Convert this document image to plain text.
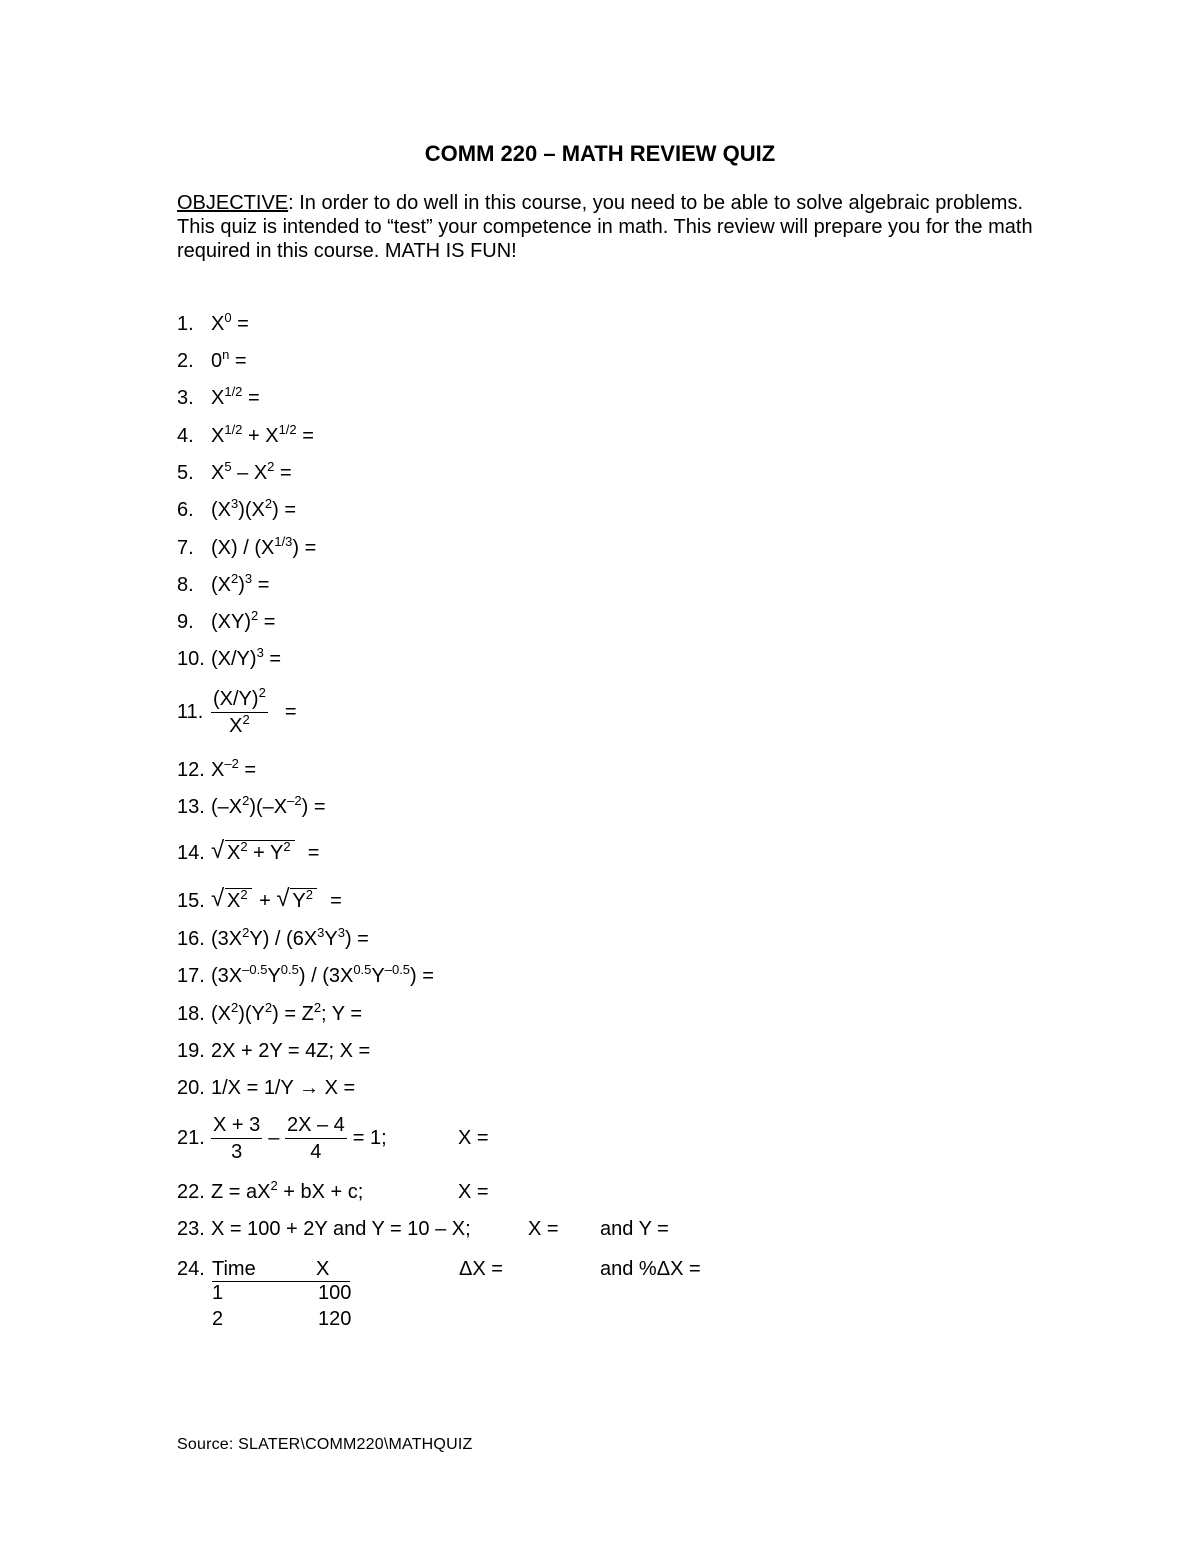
COMM 220 – MATH REVIEW QUIZ
OBJECTIVE: In order to do well in this course, you need to be able to solve algebraic problems. This quiz is intended to “test” your competence in math. This review will prepare you for the math required in this course. MATH IS FUN!
1. $X^0$ =
2. $0^n$ =
3. $X^{1/2}$ =
4. $X^{1/2} + X^{1/2}$ =
5. $X^5 - X^2$ =
6. $(X^3)(X^2)$ =
7. $(X) / (X^{1/3})$ =
8. $(X^2)^3$ =
9. (XY)$^2$ =
10. $(X/Y)^3$ =
11. $\frac{(X/Y)^2}{X^2}$ =
12. $X^{-2}$ =
13. $(-X^2)(-X^{-2})$ =
14. √ $X^2 + Y^2$  =
15. √ $X^2$ + √ $Y^2$  =
16. $(3X^2Y) / (6X^3Y^3)$ =
17. $(3X^{-0.5}Y^{0.5}) / (3X^{0.5}Y^{-0.5})$ =
18. $(X^2)(Y^2) = Z^2$; Y =
19. 2X + 2Y = 4Z; X =
20. 1/X = 1/Y → X =
21. $\frac{X + 3}{3} - \frac{2X - 4}{4} = 1$;	X =
22. $Z = aX^2$ + bX + c;	X =
23. X = 100 + 2Y and Y = 10 – X;	X = and Y =
24. Time	X
1	100
2	120
ΔX =	and %ΔX =
Source: SLATER\COMM220\MATHQUIZ
